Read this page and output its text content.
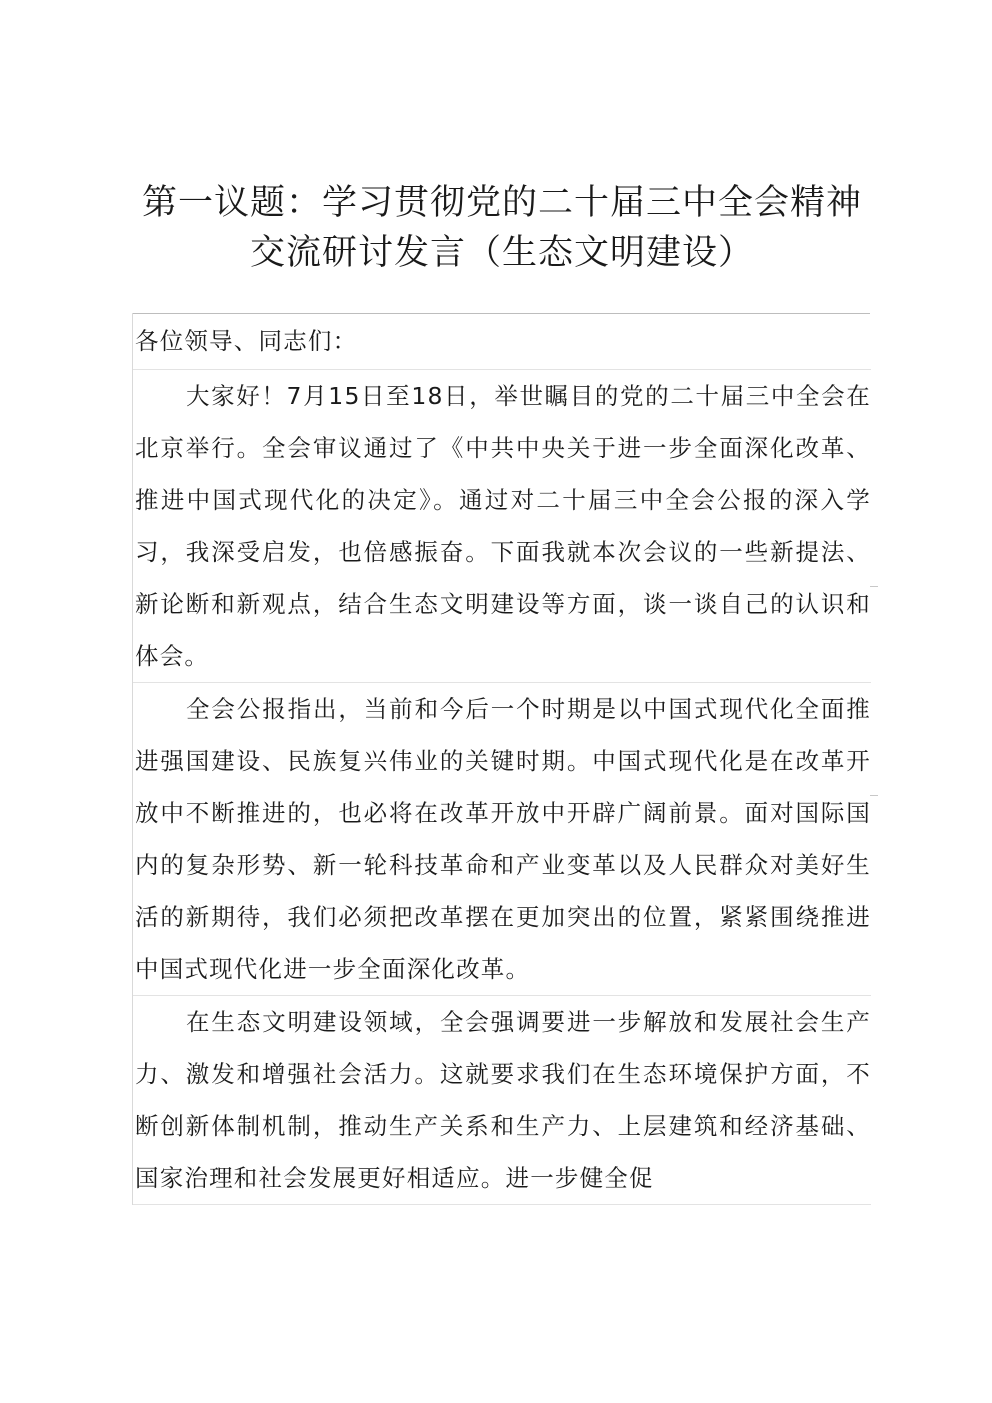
第一议题：学习贯彻党的二十届三中全会精神
交流研讨发言（生态文明建设）

各位领导、同志们：

大家好！7月15日至18日，举世瞩目的党的二十届三中全会在北京举行。全会审议通过了《中共中央关于进一步全面深化改革、推进中国式现代化的决定》。通过对二十届三中全会公报的深入学习，我深受启发，也倍感振奋。下面我就本次会议的一些新提法、新论断和新观点，结合生态文明建设等方面，谈一谈自己的认识和体会。

全会公报指出，当前和今后一个时期是以中国式现代化全面推进强国建设、民族复兴伟业的关键时期。中国式现代化是在改革开放中不断推进的，也必将在改革开放中开辟广阔前景。面对国际国内的复杂形势、新一轮科技革命和产业变革以及人民群众对美好生活的新期待，我们必须把改革摆在更加突出的位置，紧紧围绕推进中国式现代化进一步全面深化改革。

在生态文明建设领域，全会强调要进一步解放和发展社会生产力、激发和增强社会活力。这就要求我们在生态环境保护方面，不断创新体制机制，推动生产关系和生产力、上层建筑和经济基础、国家治理和社会发展更好相适应。进一步健全促
